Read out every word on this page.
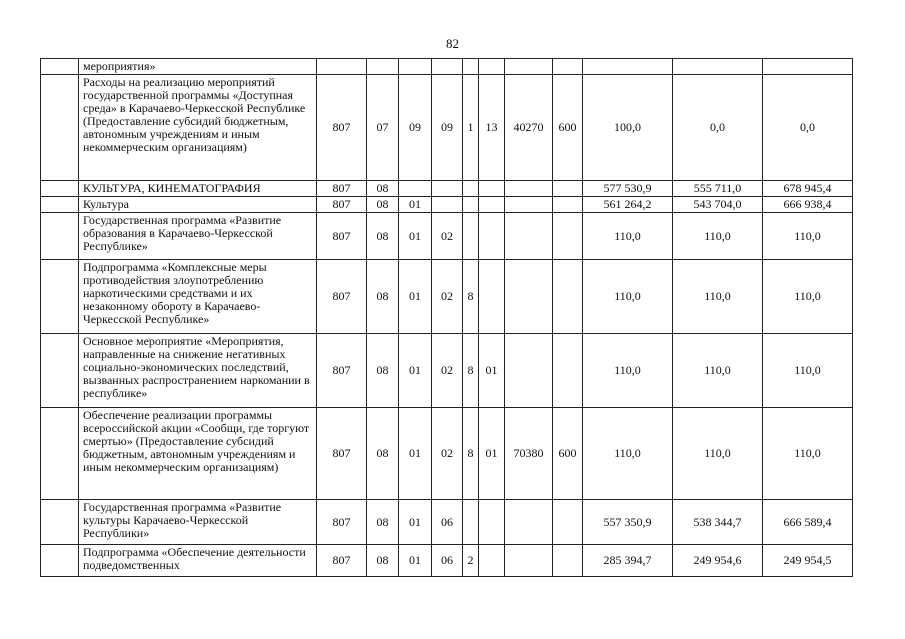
82
	мероприятия»											
	Расходы на реализацию мероприятий государственной программы «Доступная среда» в Карачаево-Черкесской Республике (Предоставление субсидий бюджетным, автономным учреждениям и иным некоммерческим организациям)	807	07	09	09	1	13	40270	600	100,0	0,0	0,0
	КУЛЬТУРА, КИНЕМАТОГРАФИЯ	807	08							577 530,9	555 711,0	678 945,4
	Культура	807	08	01						561 264,2	543 704,0	666 938,4
	Государственная программа «Развитие образования в Карачаево-Черкесской Республике»	807	08	01	02					110,0	110,0	110,0
	Подпрограмма «Комплексные меры противодействия злоупотреблению наркотическими средствами и их незаконному обороту в Карачаево-Черкесской Республике»	807	08	01	02	8				110,0	110,0	110,0
	Основное мероприятие «Мероприятия, направленные на снижение негативных социально-экономических последствий, вызванных распространением наркомании в республике»	807	08	01	02	8	01			110,0	110,0	110,0
	Обеспечение реализации программы всероссийской акции «Сообщи, где торгуют смертью» (Предоставление субсидий бюджетным, автономным учреждениям и иным некоммерческим организациям)	807	08	01	02	8	01	70380	600	110,0	110,0	110,0
	Государственная программа «Развитие культуры Карачаево-Черкесской Республики»	807	08	01	06					557 350,9	538 344,7	666 589,4
	Подпрограмма «Обеспечение деятельности подведомственных	807	08	01	06	2				285 394,7	249 954,6	249 954,5
